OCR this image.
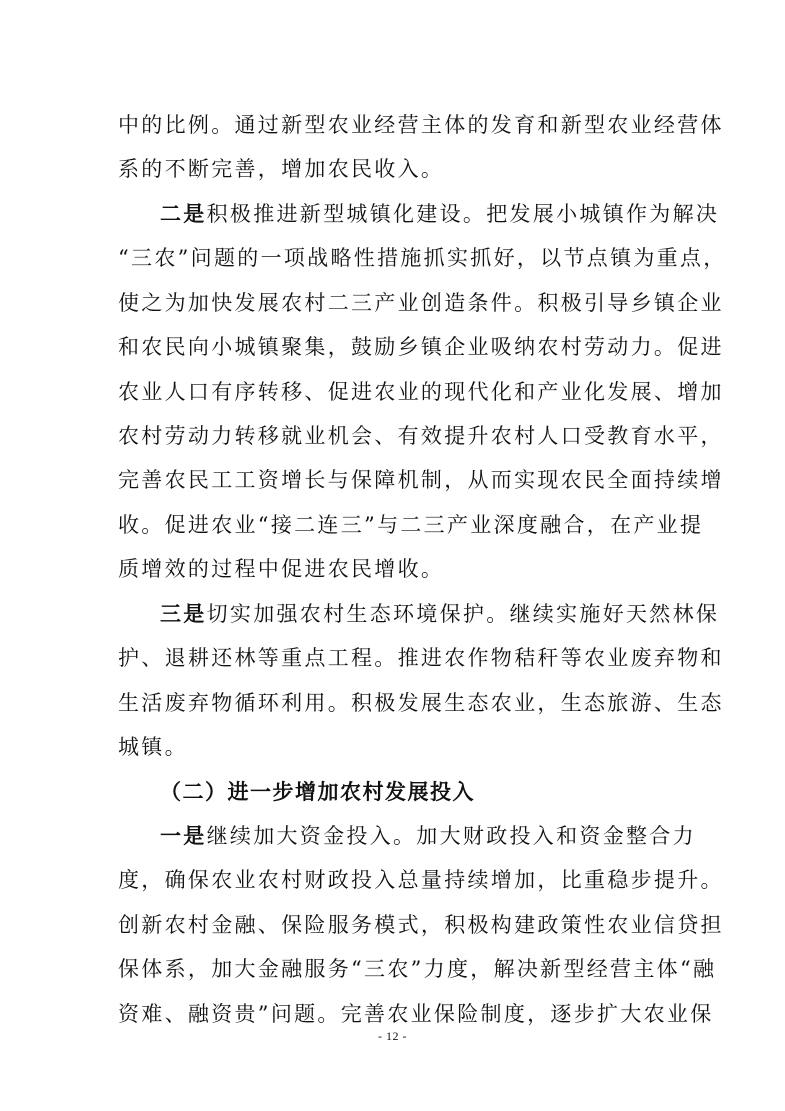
中的比例。通过新型农业经营主体的发育和新型农业经营体
系的不断完善，增加农民收入。
二是积极推进新型城镇化建设。把发展小城镇作为解决
“三农”问题的一项战略性措施抓实抓好，以节点镇为重点，
使之为加快发展农村二三产业创造条件。积极引导乡镇企业
和农民向小城镇聚集，鼓励乡镇企业吸纳农村劳动力。促进
农业人口有序转移、促进农业的现代化和产业化发展、增加
农村劳动力转移就业机会、有效提升农村人口受教育水平，
完善农民工工资增长与保障机制，从而实现农民全面持续增
收。促进农业“接二连三”与二三产业深度融合，在产业提
质增效的过程中促进农民增收。
三是切实加强农村生态环境保护。继续实施好天然林保
护、退耕还林等重点工程。推进农作物秸秆等农业废弃物和
生活废弃物循环利用。积极发展生态农业，生态旅游、生态
城镇。
（二）进一步增加农村发展投入
一是继续加大资金投入。加大财政投入和资金整合力
度，确保农业农村财政投入总量持续增加，比重稳步提升。
创新农村金融、保险服务模式，积极构建政策性农业信贷担
保体系，加大金融服务“三农”力度，解决新型经营主体“融
资难、融资贵”问题。完善农业保险制度，逐步扩大农业保
- 12 -
